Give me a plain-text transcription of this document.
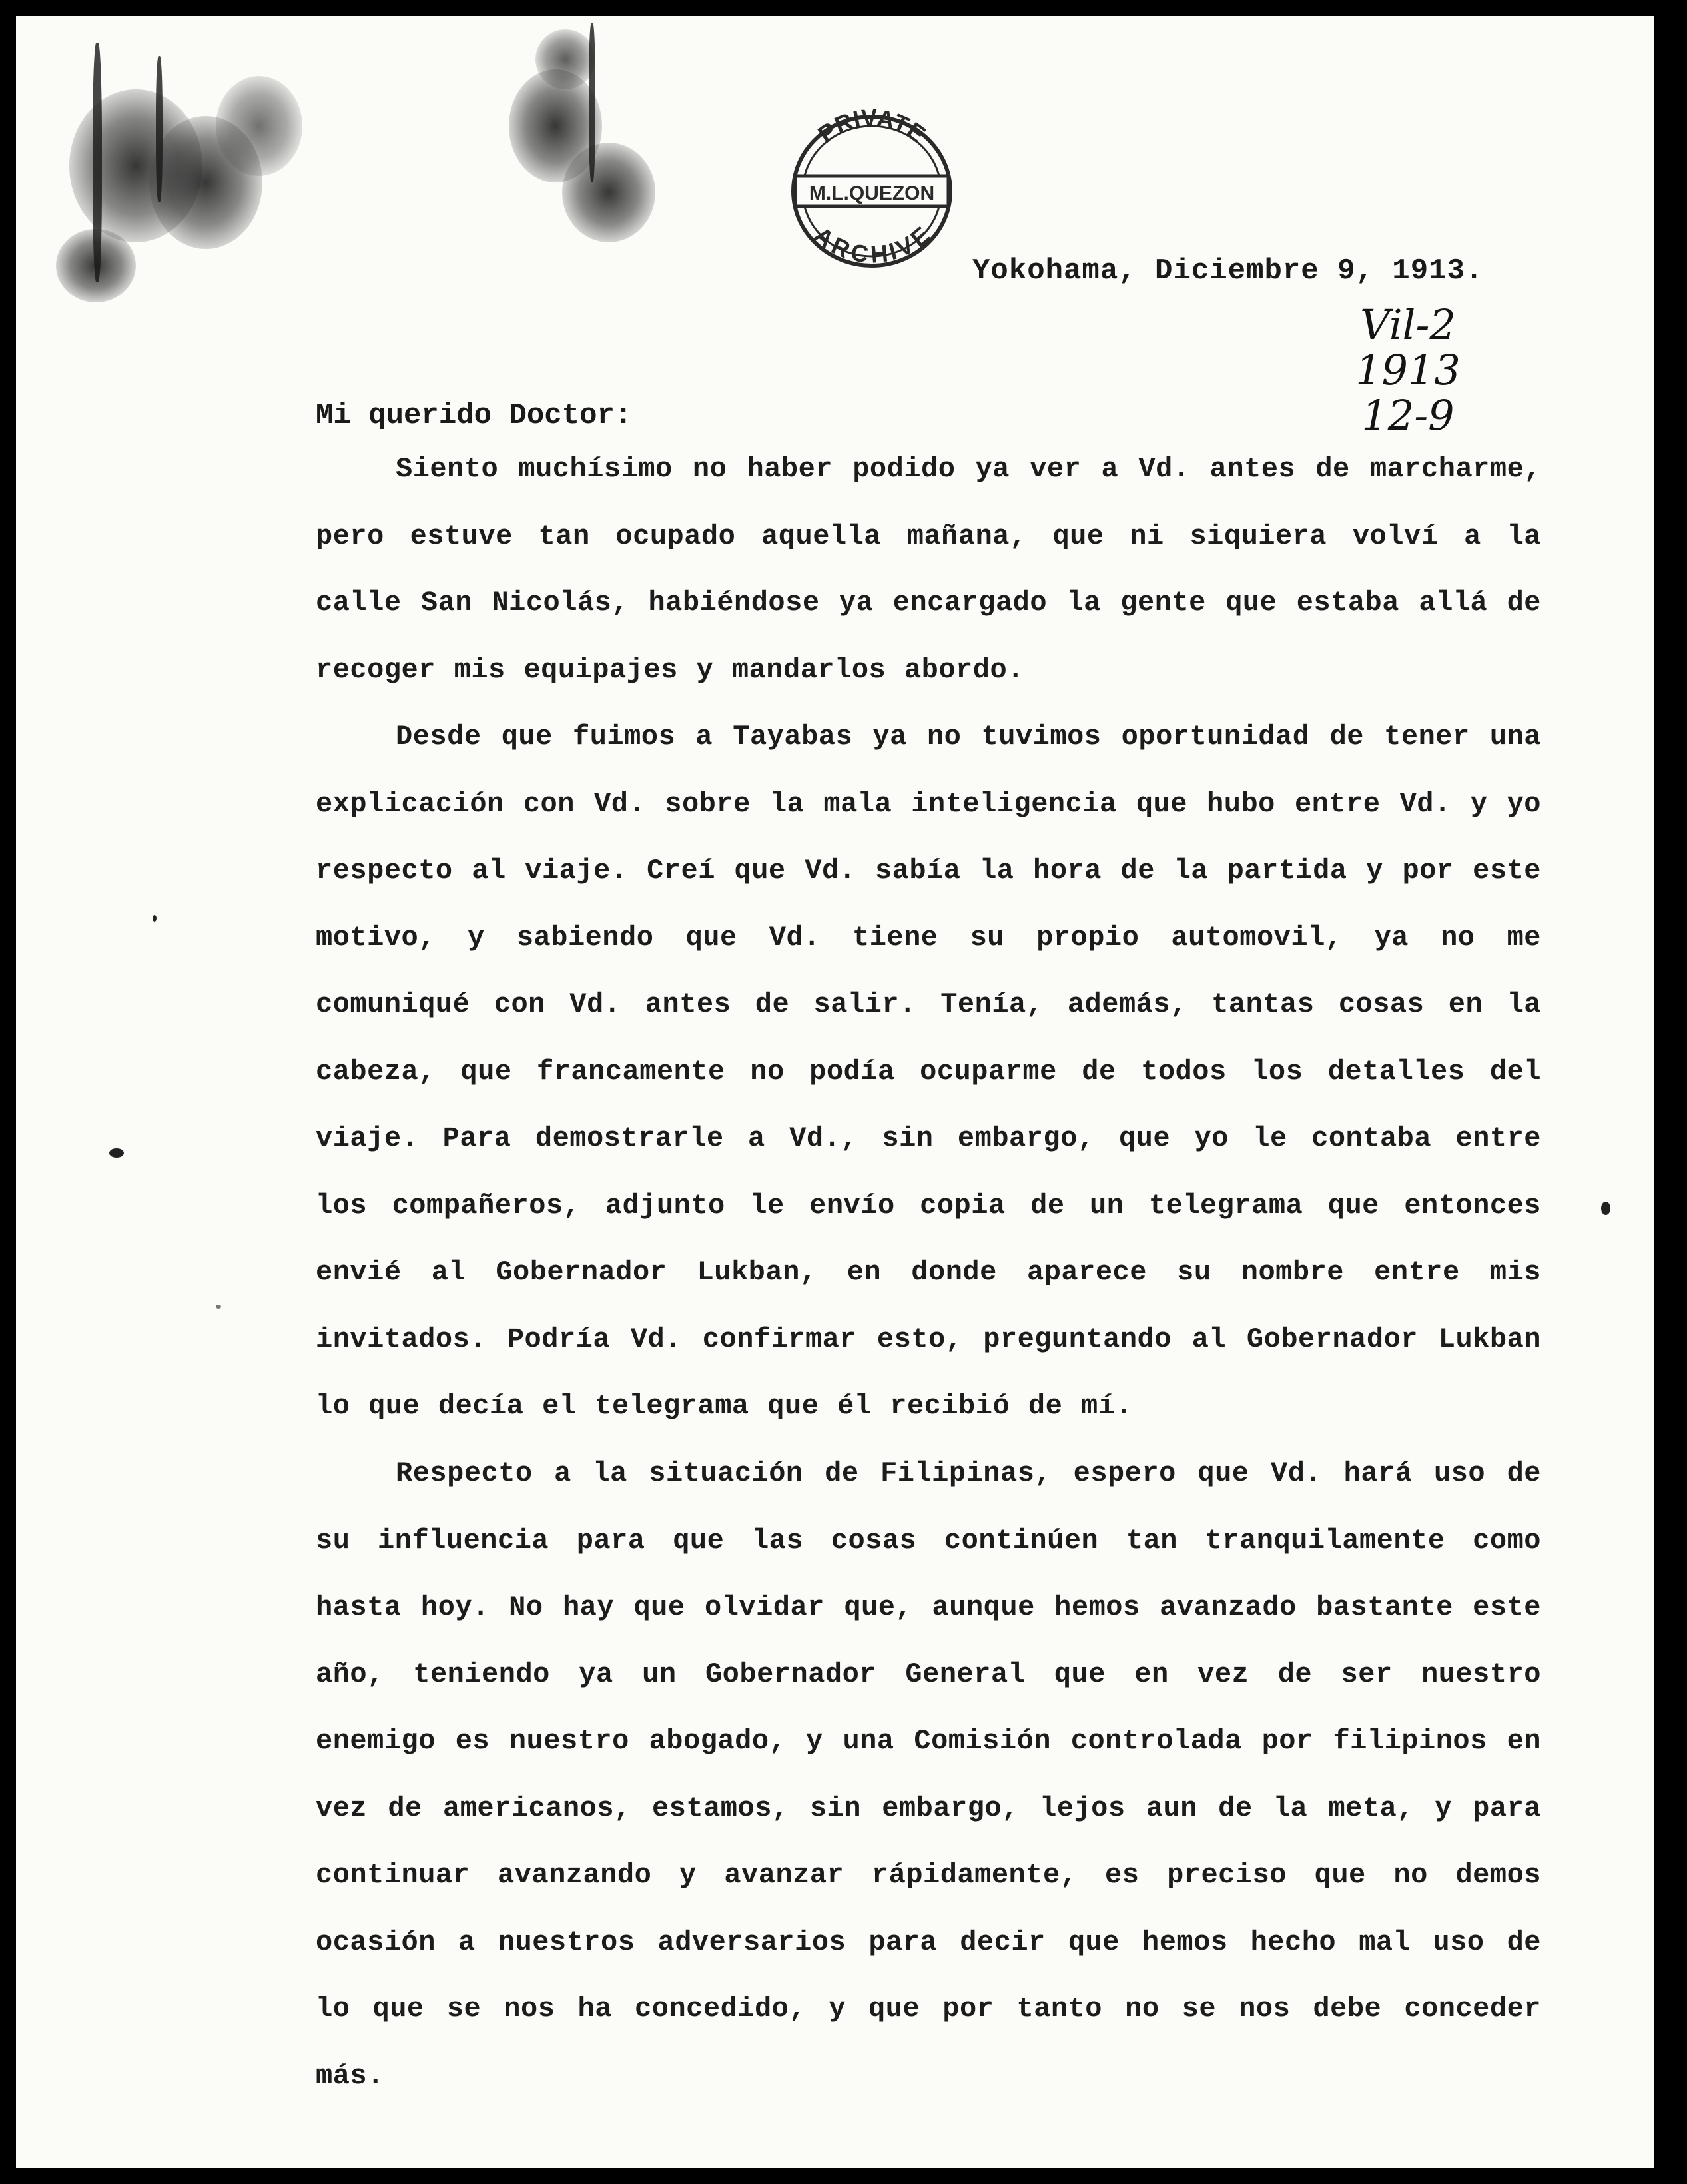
PRIVATE
M.L.QUEZON
ARCHIVE
Yokohama, Diciembre 9, 1913.
Vil-2
1913
12-9
Mi querido Doctor:

Siento muchísimo no haber podido ya ver a Vd. antes de marcharme, pero estuve tan ocupado aquella mañana, que ni siquiera volví a la calle San Nicolás, habiéndose ya encargado la gente que estaba allá de recoger mis equipajes y mandarlos abordo.

Desde que fuimos a Tayabas ya no tuvimos oportunidad de tener una explicación con Vd. sobre la mala inteligencia que hubo entre Vd. y yo respecto al viaje. Creí que Vd. sabía la hora de la partida y por este motivo, y sabiendo que Vd. tiene su propio automovil, ya no me comuniqué con Vd. antes de salir. Tenía, además, tantas cosas en la cabeza, que francamente no podía ocuparme de todos los detalles del viaje. Para demostrarle a Vd., sin embargo, que yo le contaba entre los compañeros, adjunto le envío copia de un telegrama que entonces envié al Gobernador Lukban, en donde aparece su nombre entre mis invitados. Podría Vd. confirmar esto, preguntando al Gobernador Lukban lo que decía el telegrama que él recibió de mí.

Respecto a la situación de Filipinas, espero que Vd. hará uso de su influencia para que las cosas continúen tan tranquilamente como hasta hoy. No hay que olvidar que, aunque hemos avanzado bastante este año, teniendo ya un Gobernador General que en vez de ser nuestro enemigo es nuestro abogado, y una Comisión controlada por filipinos en vez de americanos, estamos, sin embargo, lejos aun de la meta, y para continuar avanzando y avanzar rápidamente, es preciso que no demos ocasión a nuestros adversarios para decir que hemos hecho mal uso de lo que se nos ha concedido, y que por tanto no se nos debe conceder más.
